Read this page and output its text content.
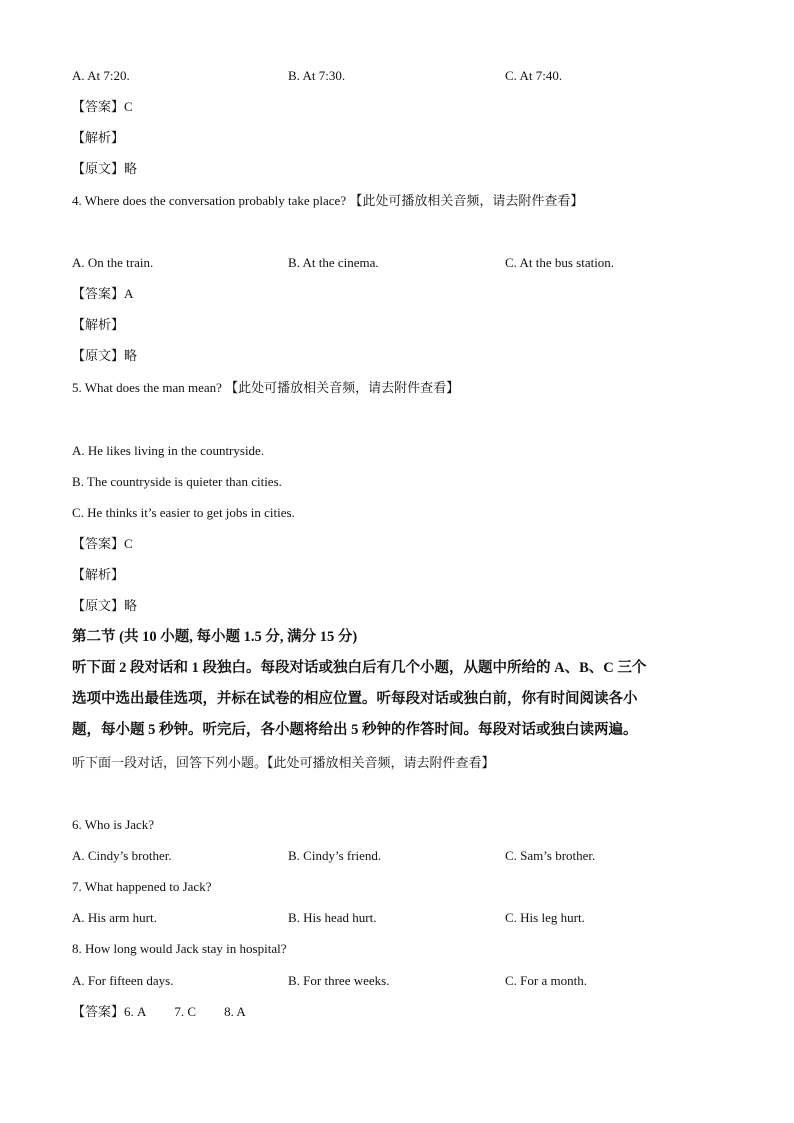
A. At 7:20.	B. At 7:30.	C. At 7:40.
【答案】C
【解析】
【原文】略
4. Where does the conversation probably take place? 【此处可播放相关音频，请去附件查看】
A. On the train.	B. At the cinema.	C. At the bus station.
【答案】A
【解析】
【原文】略
5. What does the man mean? 【此处可播放相关音频，请去附件查看】
A. He likes living in the countryside.
B. The countryside is quieter than cities.
C. He thinks it’s easier to get jobs in cities.
【答案】C
【解析】
【原文】略
第二节 (共 10 小题, 每小题 1.5 分, 满分 15 分)
听下面 2 段对话和 1 段独白。每段对话或独白后有几个小题，从题中所给的 A、B、C 三个
选项中选出最佳选项，并标在试卷的相应位置。听每段对话或独白前，你有时间阅读各小
题，每小题 5 秒钟。听完后，各小题将给出 5 秒钟的作答时间。每段对话或独白读两遍。
听下面一段对话，回答下列小题。【此处可播放相关音频，请去附件查看】
6. Who is Jack?
A. Cindy’s brother.	B. Cindy’s friend.	C. Sam’s brother.
7. What happened to Jack?
A. His arm hurt.	B. His head hurt.	C. His leg hurt.
8. How long would Jack stay in hospital?
A. For fifteen days.	B. For three weeks.	C. For a month.
【答案】6. A 7. C 8. A
